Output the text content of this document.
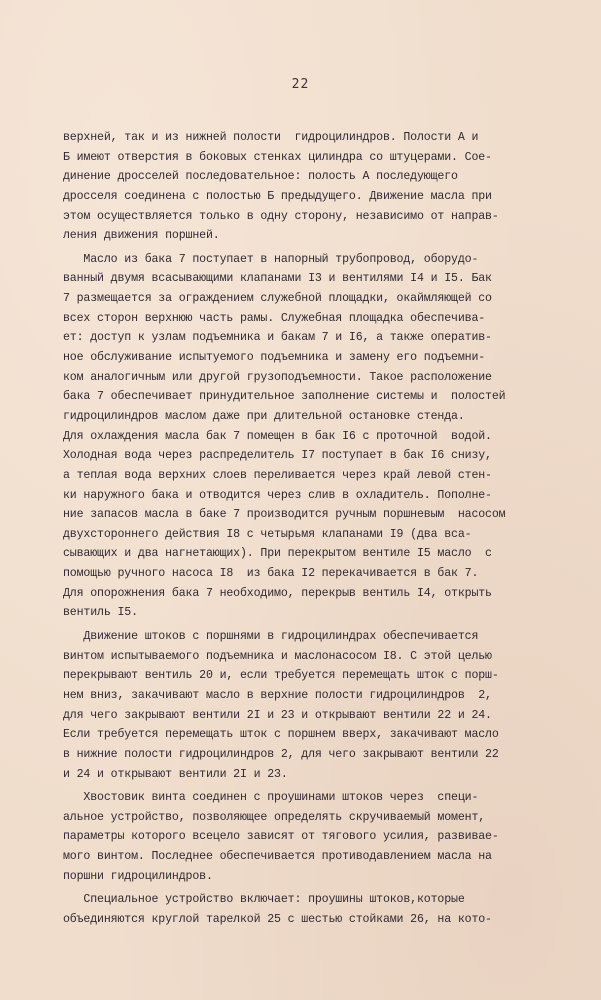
22
верхней, так и из нижней полости  гидроцилиндров. Полости А и
Б имеют отверстия в боковых стенках цилиндра со штуцерами. Сое-
динение дросселей последовательное: полость А последующего
дросселя соединена с полостью Б предыдущего. Движение масла при
этом осуществляется только в одну сторону, независимо от направ-
ления движения поршней.
Масло из бака 7 поступает в напорный трубопровод, оборудо-
ванный двумя всасывающими клапанами I3 и вентилями I4 и I5. Бак
7 размещается за ограждением служебной площадки, окаймляющей со
всех сторон верхнюю часть рамы. Служебная площадка обеспечива-
ет: доступ к узлам подъемника и бакам 7 и I6, а также оператив-
ное обслуживание испытуемого подъемника и замену его подъемни-
ком аналогичным или другой грузоподъемности. Такое расположение
бака 7 обеспечивает принудительное заполнение системы и  полостей
гидроцилиндров маслом даже при длительной остановке стенда.
Для охлаждения масла бак 7 помещен в бак I6 с проточной  водой.
Холодная вода через распределитель I7 поступает в бак I6 снизу,
а теплая вода верхних слоев переливается через край левой стен-
ки наружного бака и отводится через слив в охладитель. Пополне-
ние запасов масла в баке 7 производится ручным поршневым  насосом
двухстороннего действия I8 с четырьмя клапанами I9 (два вса-
сывающих и два нагнетающих). При перекрытом вентиле I5 масло  с
помощью ручного насоса I8  из бака I2 перекачивается в бак 7.
Для опорожнения бака 7 необходимо, перекрыв вентиль I4, открыть
вентиль I5.
Движение штоков с поршнями в гидроцилиндрах обеспечивается
винтом испытываемого подъемника и маслонасосом I8. С этой целью
перекрывают вентиль 20 и, если требуется перемещать шток с порш-
нем вниз, закачивают масло в верхние полости гидроцилиндров  2,
для чего закрывают вентили 2I и 23 и открывают вентили 22 и 24.
Если требуется перемещать шток с поршнем вверх, закачивают масло
в нижние полости гидроцилиндров 2, для чего закрывают вентили 22
и 24 и открывают вентили 2I и 23.
Хвостовик винта соединен с проушинами штоков через  специ-
альное устройство, позволяющее определять скручиваемый момент,
параметры которого всецело зависят от тягового усилия, развивае-
мого винтом. Последнее обеспечивается противодавлением масла на
поршни гидроцилиндров.
Специальное устройство включает: проушины штоков,которые
объединяются круглой тарелкой 25 с шестью стойками 26, на кото-
